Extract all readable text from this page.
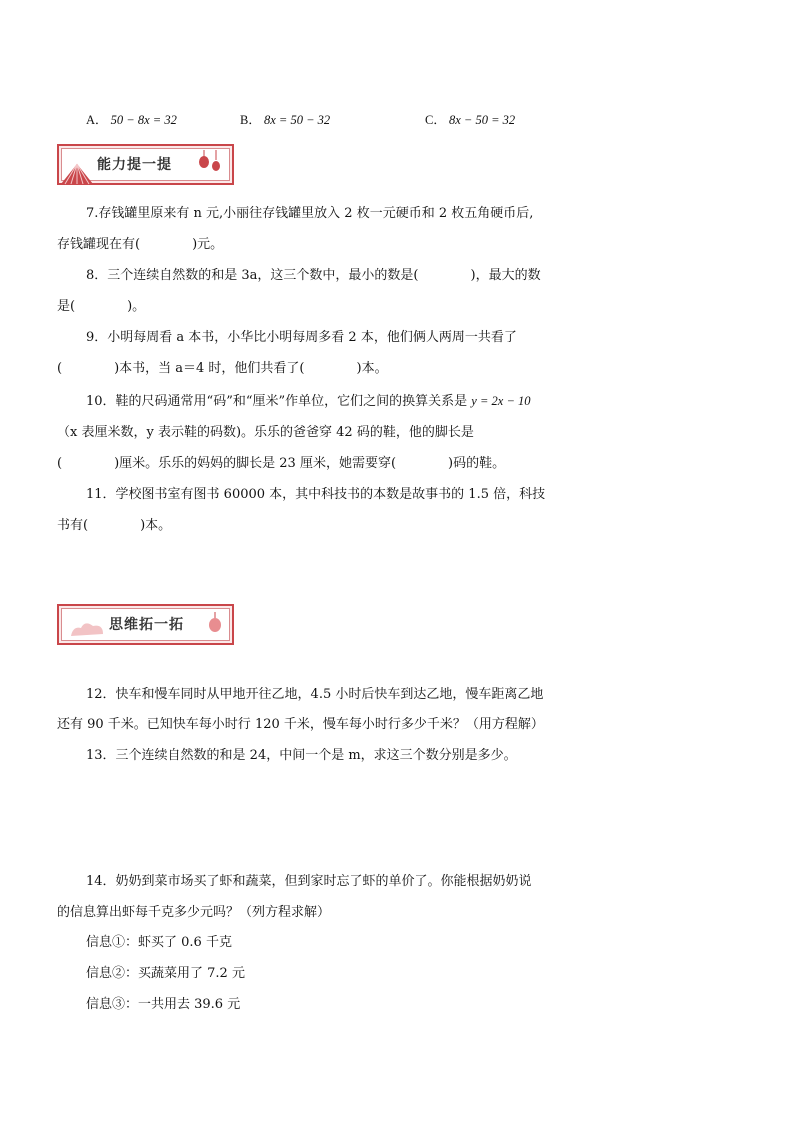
A． 50 − 8x = 32	B． 8x = 50 − 32	C． 8x − 50 = 32
能力提一提
7.存钱罐里原来有 n 元,小丽往存钱罐里放入 2 枚一元硬币和 2 枚五角硬币后,
存钱罐现在有(　　　　)元。
8．三个连续自然数的和是 3a，这三个数中，最小的数是(　　　　)，最大的数
是(　　　　)。
9．小明每周看 a 本书，小华比小明每周多看 2 本，他们俩人两周一共看了
(　　　　)本书，当 a＝4 时，他们共看了(　　　　)本。
10．鞋的尺码通常用“码”和“厘米”作单位，它们之间的换算关系是 y = 2x − 10
（x 表厘米数，y 表示鞋的码数)。乐乐的爸爸穿 42 码的鞋，他的脚长是
(　　　　)厘米。乐乐的妈妈的脚长是 23 厘米，她需要穿(　　　　)码的鞋。
11．学校图书室有图书 60000 本，其中科技书的本数是故事书的 1.5 倍，科技
书有(　　　　)本。
思维拓一拓
12．快车和慢车同时从甲地开往乙地，4.5 小时后快车到达乙地，慢车距离乙地
还有 90 千米。已知快车每小时行 120 千米，慢车每小时行多少千米？（用方程解）
13．三个连续自然数的和是 24，中间一个是 m，求这三个数分别是多少。
14．奶奶到菜市场买了虾和蔬菜，但到家时忘了虾的单价了。你能根据奶奶说
的信息算出虾每千克多少元吗？（列方程求解）
信息①：虾买了 0.6 千克
信息②：买蔬菜用了 7.2 元
信息③：一共用去 39.6 元
